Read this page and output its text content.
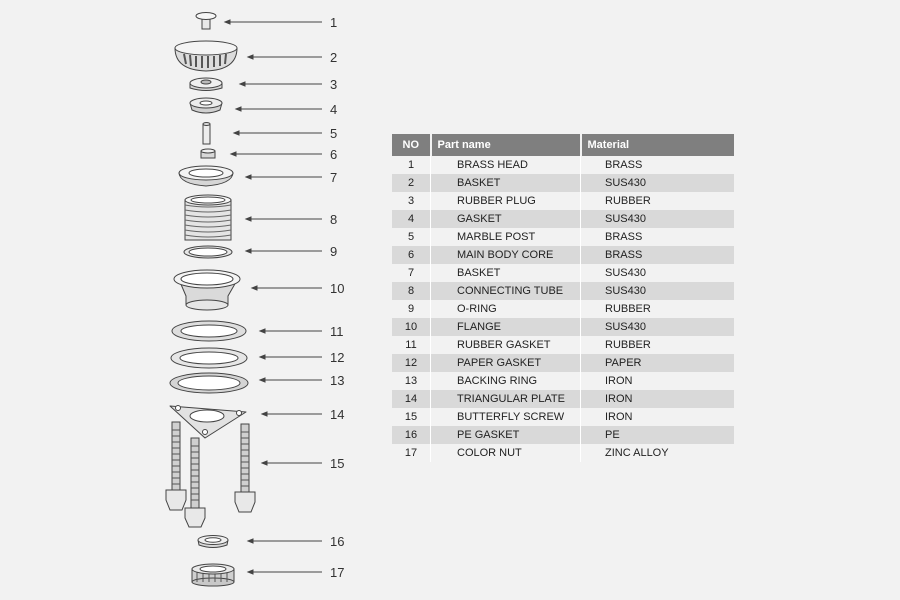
1
2
3
4
5
6
7
8
9
10
11
12
13
14
15
16
17
NO	Part name	Material
1	BRASS HEAD	BRASS
2	BASKET	SUS430
3	RUBBER PLUG	RUBBER
4	GASKET	SUS430
5	MARBLE POST	BRASS
6	MAIN BODY CORE	BRASS
7	BASKET	SUS430
8	CONNECTING TUBE	SUS430
9	O-RING	RUBBER
10	FLANGE	SUS430
11	RUBBER GASKET	RUBBER
12	PAPER GASKET	PAPER
13	BACKING RING	IRON
14	TRIANGULAR PLATE	IRON
15	BUTTERFLY SCREW	IRON
16	PE GASKET	PE
17	COLOR NUT	ZINC ALLOY
